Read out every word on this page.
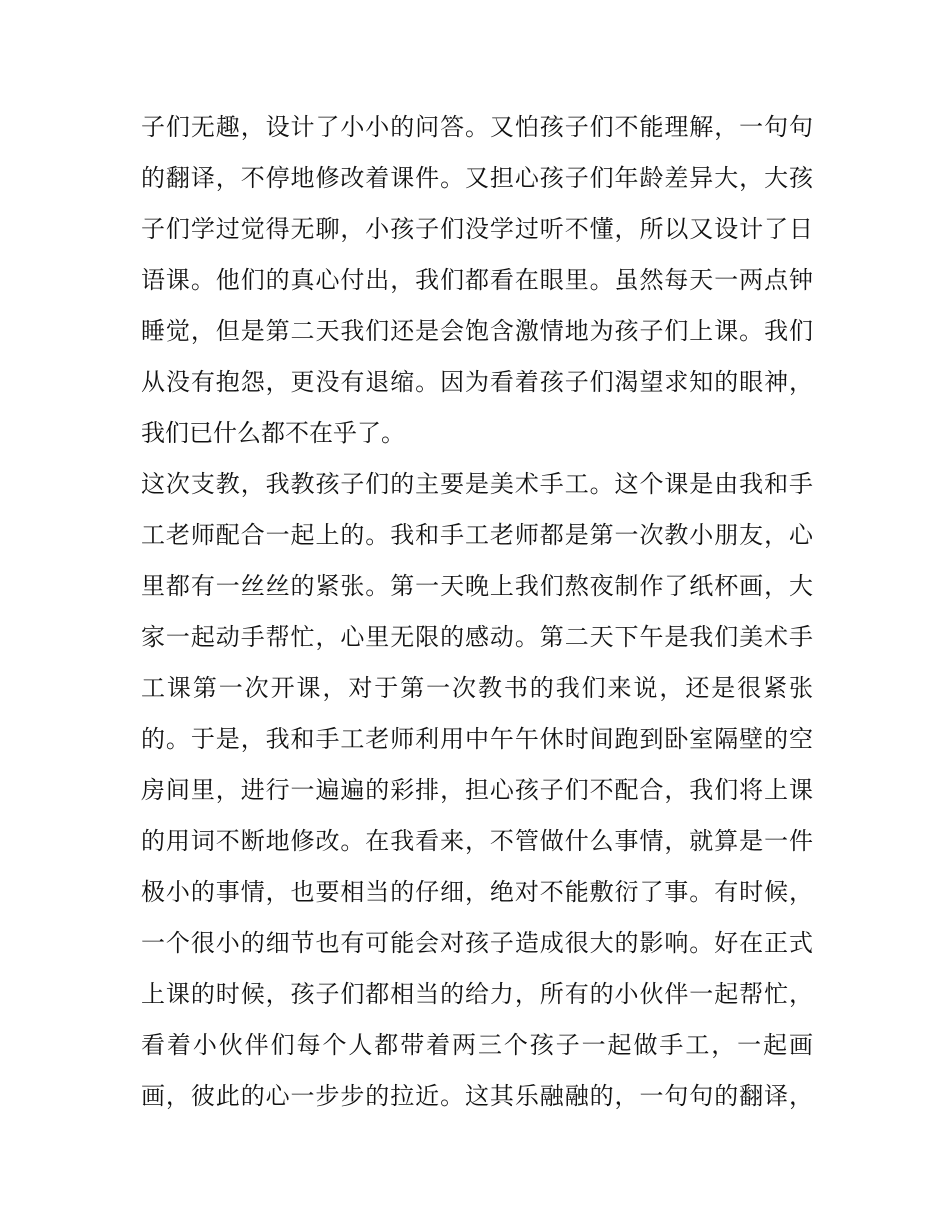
子们无趣，设计了小小的问答。又怕孩子们不能理解，一句句
的翻译，不停地修改着课件。又担心孩子们年龄差异大，大孩
子们学过觉得无聊，小孩子们没学过听不懂，所以又设计了日
语课。他们的真心付出，我们都看在眼里。虽然每天一两点钟
睡觉，但是第二天我们还是会饱含激情地为孩子们上课。我们
从没有抱怨，更没有退缩。因为看着孩子们渴望求知的眼神，
我们已什么都不在乎了。
这次支教，我教孩子们的主要是美术手工。这个课是由我和手
工老师配合一起上的。我和手工老师都是第一次教小朋友，心
里都有一丝丝的紧张。第一天晚上我们熬夜制作了纸杯画，大
家一起动手帮忙，心里无限的感动。第二天下午是我们美术手
工课第一次开课，对于第一次教书的我们来说，还是很紧张
的。于是，我和手工老师利用中午午休时间跑到卧室隔壁的空
房间里，进行一遍遍的彩排，担心孩子们不配合，我们将上课
的用词不断地修改。在我看来，不管做什么事情，就算是一件
极小的事情，也要相当的仔细，绝对不能敷衍了事。有时候，
一个很小的细节也有可能会对孩子造成很大的影响。好在正式
上课的时候，孩子们都相当的给力，所有的小伙伴一起帮忙，
看着小伙伴们每个人都带着两三个孩子一起做手工，一起画
画，彼此的心一步步的拉近。这其乐融融的，一句句的翻译，
